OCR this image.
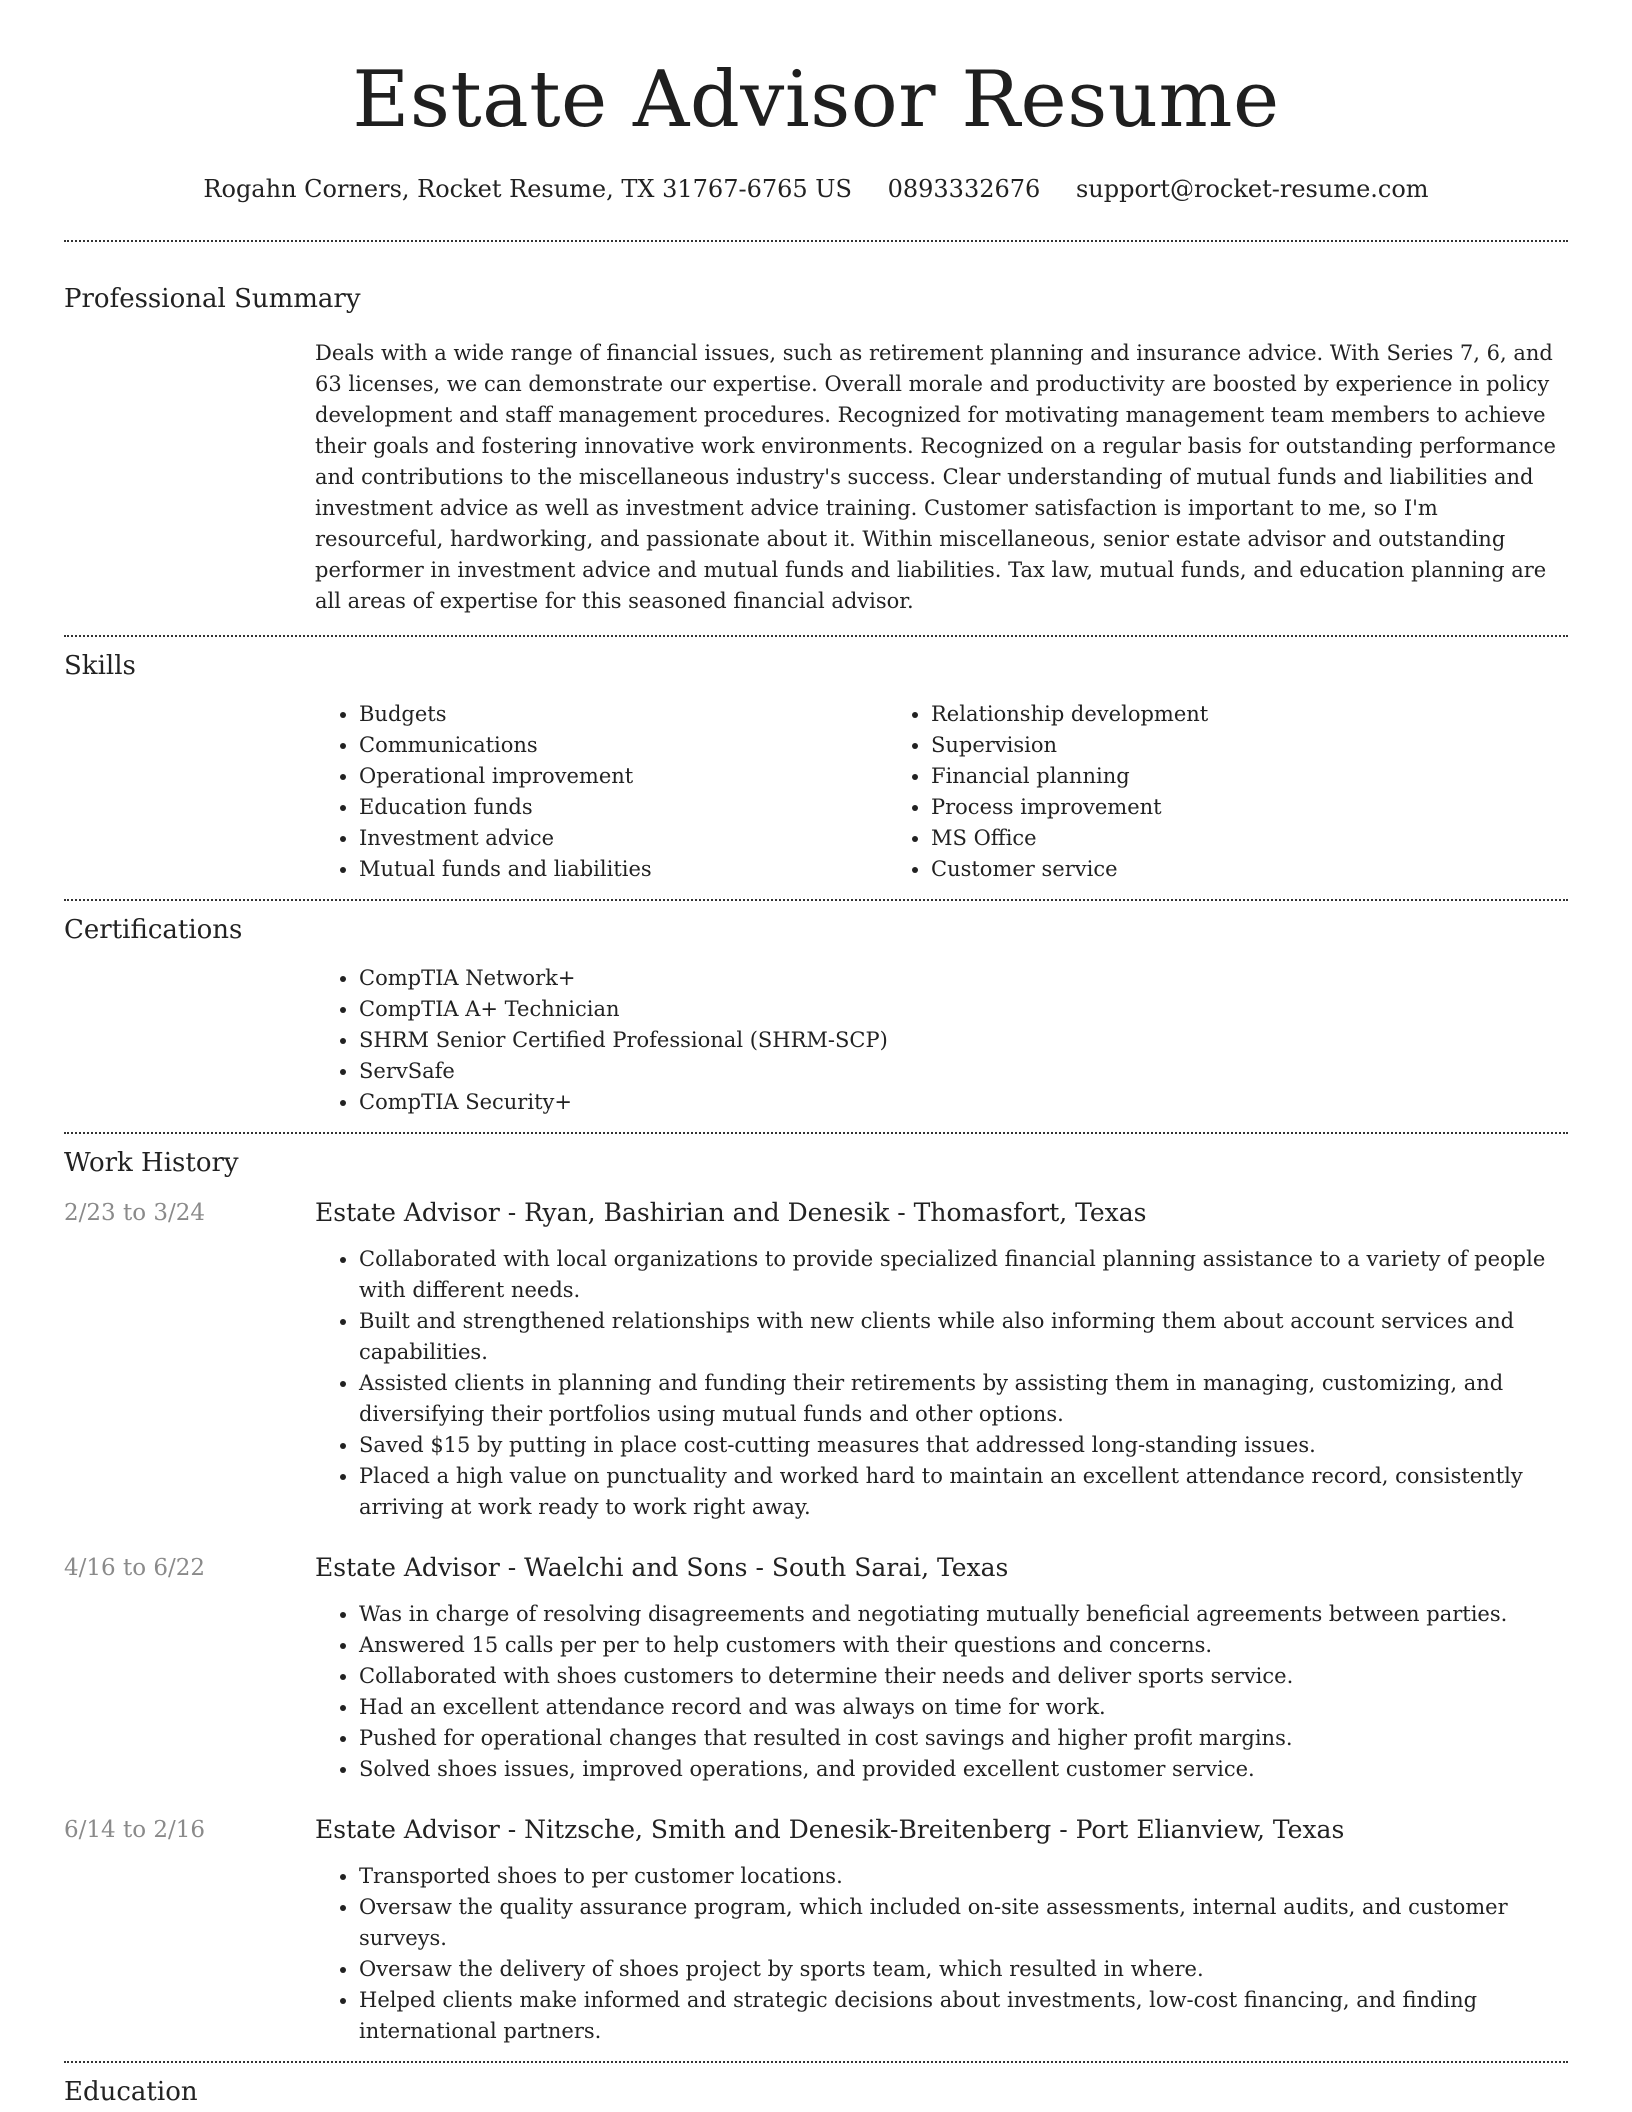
Estate Advisor Resume
Rogahn Corners, Rocket Resume, TX 31767-6765 US 0893332676 support@rocket-resume.com
Professional Summary

Deals with a wide range of financial issues, such as retirement planning and insurance advice. With Series 7, 6, and 63 licenses, we can demonstrate our expertise. Overall morale and productivity are boosted by experience in policy development and staff management procedures. Recognized for motivating management team members to achieve their goals and fostering innovative work environments. Recognized on a regular basis for outstanding performance and contributions to the miscellaneous industry's success. Clear understanding of mutual funds and liabilities and investment advice as well as investment advice training. Customer satisfaction is important to me, so I'm resourceful, hardworking, and passionate about it. Within miscellaneous, senior estate advisor and outstanding performer in investment advice and mutual funds and liabilities. Tax law, mutual funds, and education planning are all areas of expertise for this seasoned financial advisor.

Skills
• Budgets
• Communications
• Operational improvement
• Education funds
• Investment advice
• Mutual funds and liabilities
• Relationship development
• Supervision
• Financial planning
• Process improvement
• MS Office
• Customer service
Certifications
• CompTIA Network+
• CompTIA A+ Technician
• SHRM Senior Certified Professional (SHRM-SCP)
• ServSafe
• CompTIA Security+
Work History
2/23 to 3/24	Estate Advisor - Ryan, Bashirian and Denesik - Thomasfort, Texas
• Collaborated with local organizations to provide specialized financial planning assistance to a variety of people with different needs.
• Built and strengthened relationships with new clients while also informing them about account services and capabilities.
• Assisted clients in planning and funding their retirements by assisting them in managing, customizing, and diversifying their portfolios using mutual funds and other options.
• Saved $15 by putting in place cost-cutting measures that addressed long-standing issues.
• Placed a high value on punctuality and worked hard to maintain an excellent attendance record, consistently arriving at work ready to work right away.
4/16 to 6/22	Estate Advisor - Waelchi and Sons - South Sarai, Texas
• Was in charge of resolving disagreements and negotiating mutually beneficial agreements between parties.
• Answered 15 calls per per to help customers with their questions and concerns.
• Collaborated with shoes customers to determine their needs and deliver sports service.
• Had an excellent attendance record and was always on time for work.
• Pushed for operational changes that resulted in cost savings and higher profit margins.
• Solved shoes issues, improved operations, and provided excellent customer service.
6/14 to 2/16	Estate Advisor - Nitzsche, Smith and Denesik-Breitenberg - Port Elianview, Texas
• Transported shoes to per customer locations.
• Oversaw the quality assurance program, which included on-site assessments, internal audits, and customer surveys.
• Oversaw the delivery of shoes project by sports team, which resulted in where.
• Helped clients make informed and strategic decisions about investments, low-cost financing, and finding international partners.
Education
